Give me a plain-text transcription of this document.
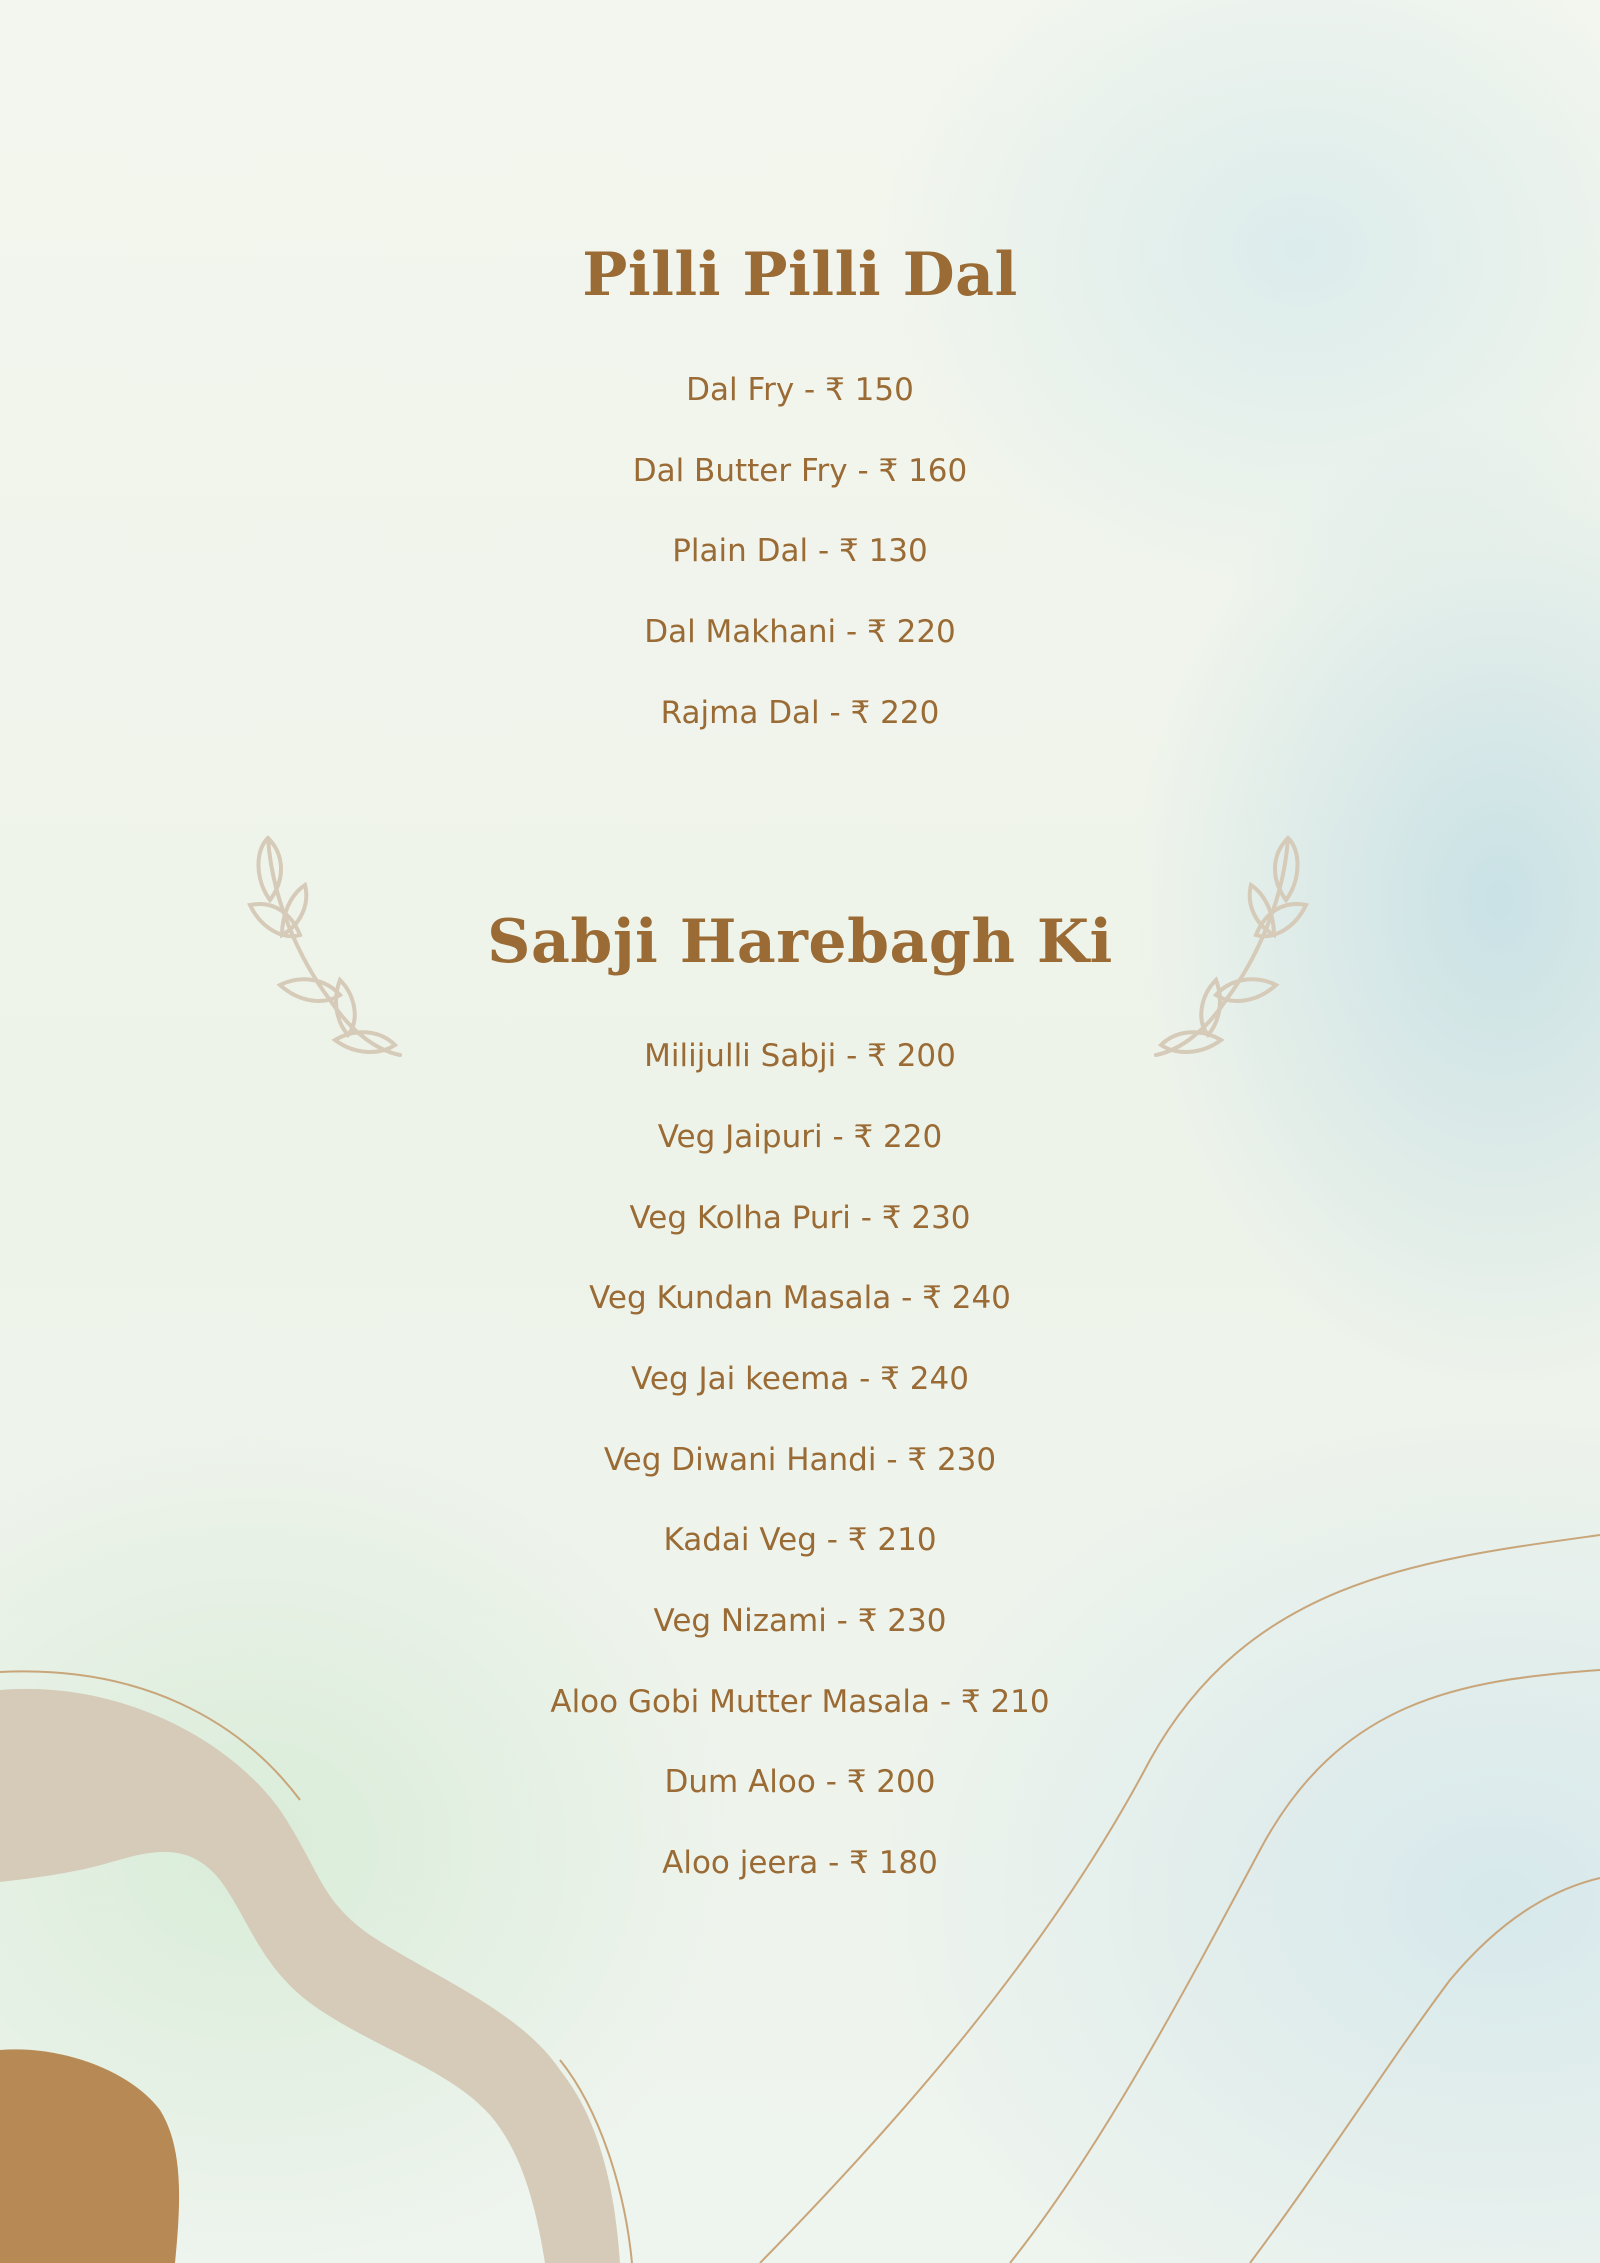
Pilli Pilli Dal

Dal Fry - ₹ 150

Dal Butter Fry - ₹ 160

Plain Dal - ₹ 130

Dal Makhani - ₹ 220

Rajma Dal - ₹ 220

Sabji Harebagh Ki

Milijulli Sabji - ₹ 200

Veg Jaipuri - ₹ 220

Veg Kolha Puri - ₹ 230

Veg Kundan Masala - ₹ 240

Veg Jai keema - ₹ 240

Veg Diwani Handi - ₹ 230

Kadai Veg - ₹ 210

Veg Nizami - ₹ 230

Aloo Gobi Mutter Masala - ₹ 210

Dum Aloo - ₹ 200

Aloo jeera - ₹ 180
